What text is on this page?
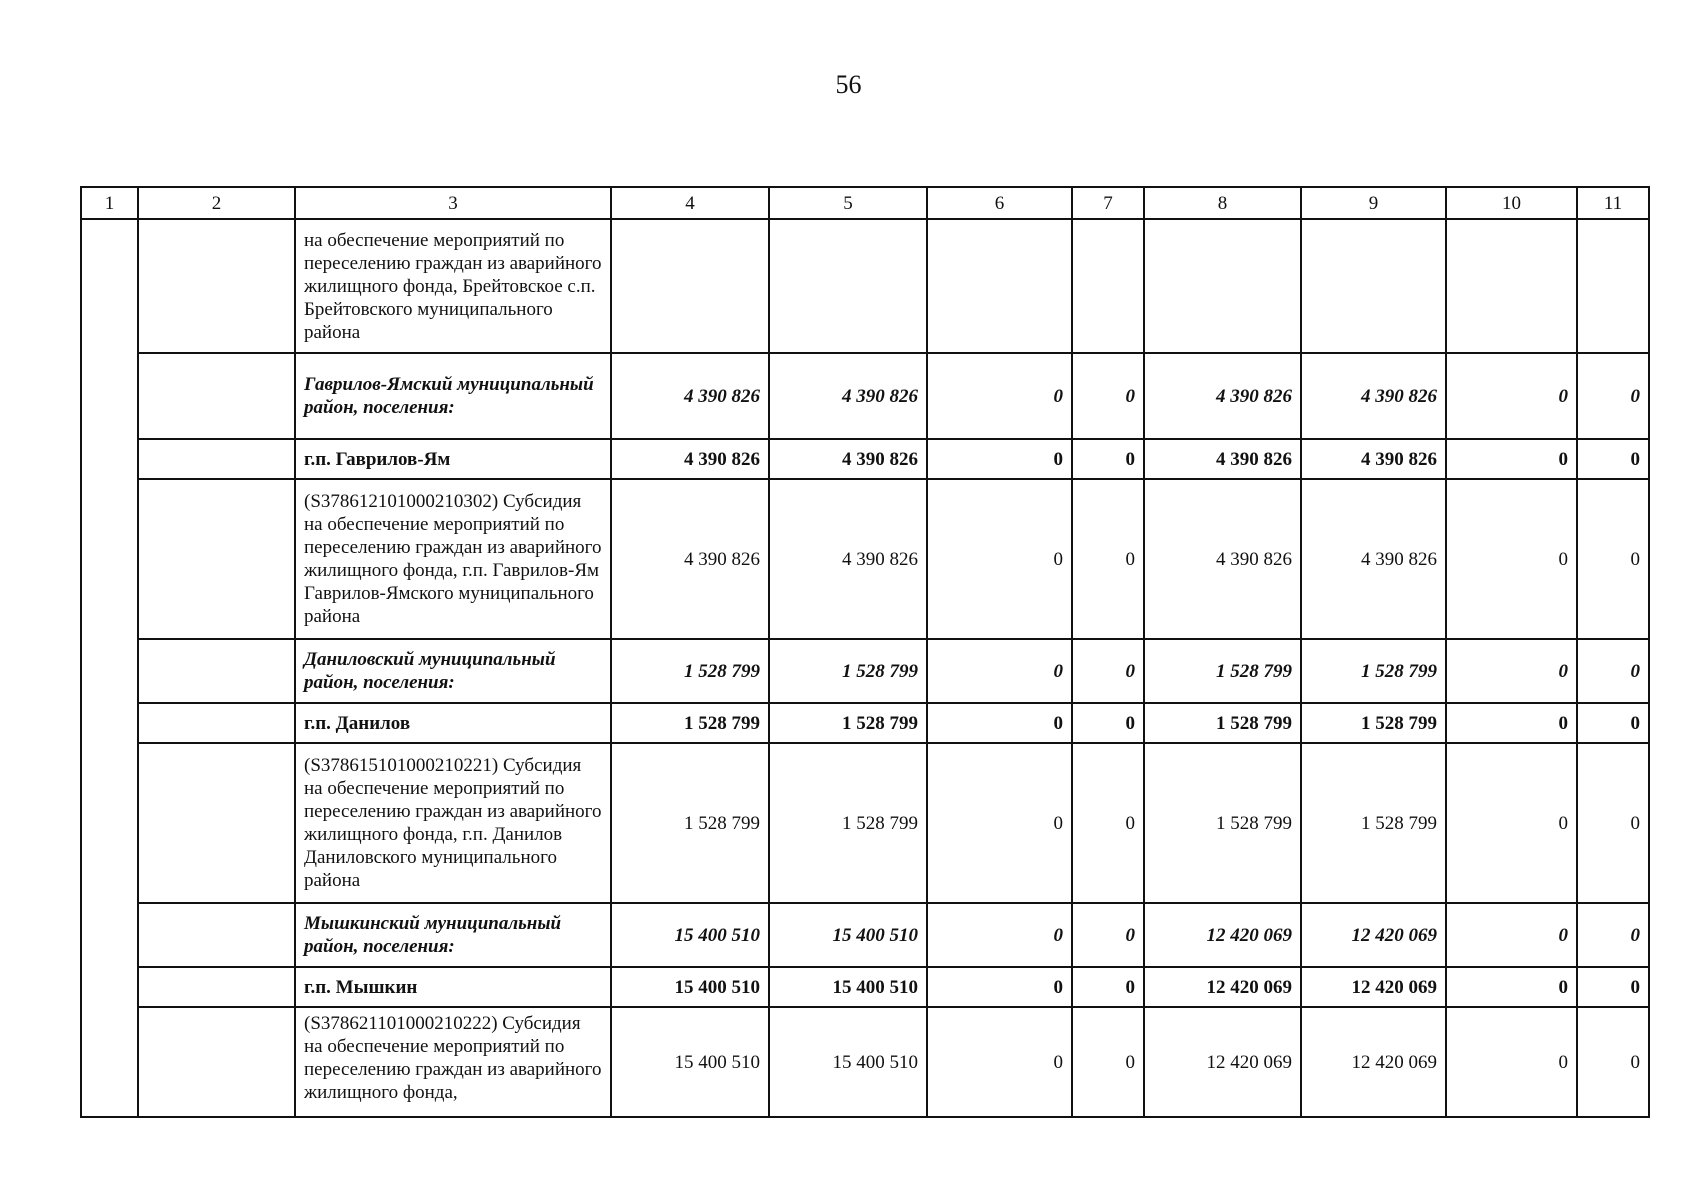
56
1	2	3	4	5	6	7	8	9	10	11
		на обеспечение мероприятий по переселению граждан из аварийного жилищного фонда, Брейтовское с.п. Брейтовского муниципального района								
		Гаврилов-Ямский муниципальный район, поселения:	4 390 826	4 390 826	0	0	4 390 826	4 390 826	0	0
		г.п. Гаврилов-Ям	4 390 826	4 390 826	0	0	4 390 826	4 390 826	0	0
		(S378612101000210302) Субсидия на обеспечение мероприятий по переселению граждан из аварийного жилищного фонда, г.п. Гаврилов-Ям Гаврилов-Ямского муниципального района	4 390 826	4 390 826	0	0	4 390 826	4 390 826	0	0
		Даниловский муниципальный район, поселения:	1 528 799	1 528 799	0	0	1 528 799	1 528 799	0	0
		г.п. Данилов	1 528 799	1 528 799	0	0	1 528 799	1 528 799	0	0
		(S378615101000210221) Субсидия на обеспечение мероприятий по переселению граждан из аварийного жилищного фонда, г.п. Данилов Даниловского муниципального района	1 528 799	1 528 799	0	0	1 528 799	1 528 799	0	0
		Мышкинский муниципальный район, поселения:	15 400 510	15 400 510	0	0	12 420 069	12 420 069	0	0
		г.п. Мышкин	15 400 510	15 400 510	0	0	12 420 069	12 420 069	0	0
		(S378621101000210222) Субсидия на обеспечение мероприятий по переселению граждан из аварийного жилищного фонда,	15 400 510	15 400 510	0	0	12 420 069	12 420 069	0	0
